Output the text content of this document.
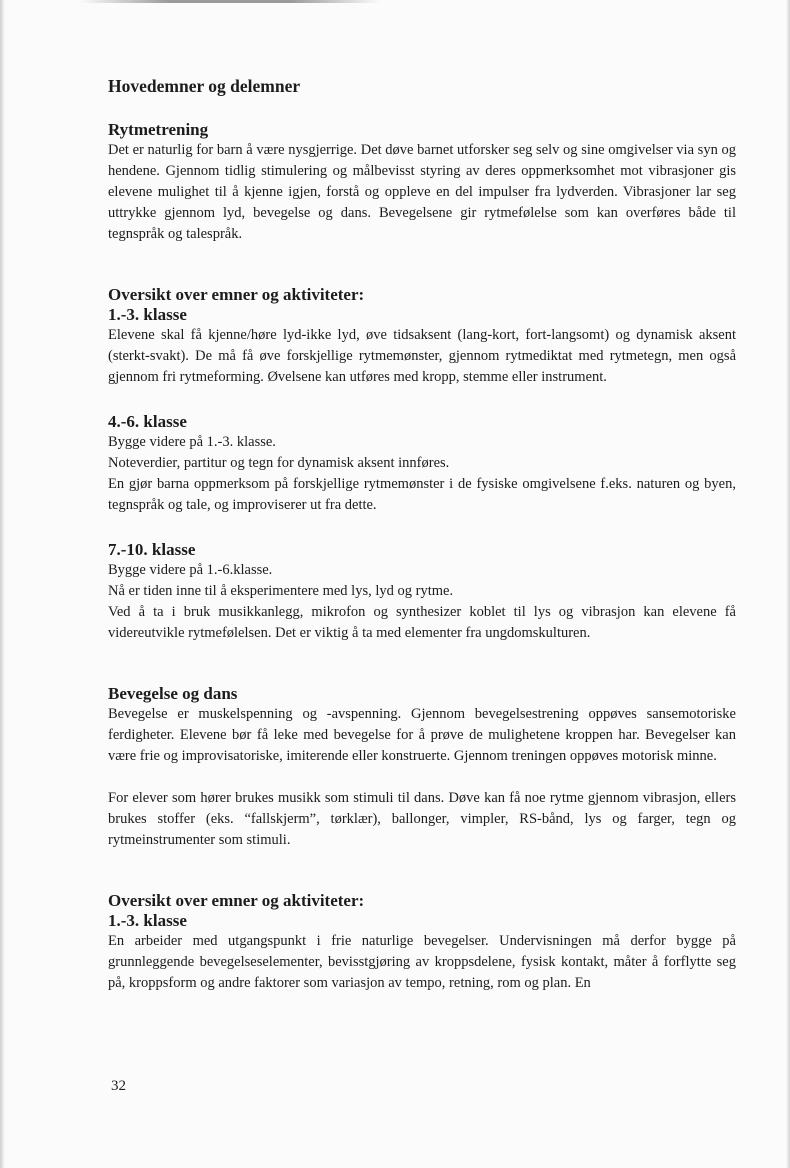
Hovedemner og delemner
Rytmetrening

Det er naturlig for barn å være nysgjerrige. Det døve barnet utforsker seg selv og sine omgivelser via syn og hendene. Gjennom tidlig stimulering og målbevisst styring av deres oppmerksomhet mot vibrasjoner gis elevene mulighet til å kjenne igjen, forstå og oppleve en del impulser fra lydverden. Vibrasjoner lar seg uttrykke gjennom lyd, bevegelse og dans. Bevegelsene gir rytmefølelse som kan overføres både til tegnspråk og talespråk.

Oversikt over emner og aktiviteter:
1.-3. klasse

Elevene skal få kjenne/høre lyd-ikke lyd, øve tidsaksent (lang-kort, fort-langsomt) og dynamisk aksent (sterkt-svakt). De må få øve forskjellige rytmemønster, gjennom rytmediktat med rytmetegn, men også gjennom fri rytmeforming. Øvelsene kan utføres med kropp, stemme eller instrument.

4.-6. klasse

Bygge videre på 1.-3. klasse.

Noteverdier, partitur og tegn for dynamisk aksent innføres.

En gjør barna oppmerksom på forskjellige rytmemønster i de fysiske omgivelsene f.eks. naturen og byen, tegnspråk og tale, og improviserer ut fra dette.

7.-10. klasse

Bygge videre på 1.-6.klasse.

Nå er tiden inne til å eksperimentere med lys, lyd og rytme.

Ved å ta i bruk musikkanlegg, mikrofon og synthesizer koblet til lys og vibrasjon kan elevene få videreutvikle rytmefølelsen. Det er viktig å ta med elementer fra ungdomskulturen.

Bevegelse og dans

Bevegelse er muskelspenning og -avspenning. Gjennom bevegelsestrening oppøves sansemotoriske ferdigheter. Elevene bør få leke med bevegelse for å prøve de mulighetene kroppen har. Bevegelser kan være frie og improvisatoriske, imiterende eller konstruerte. Gjennom treningen oppøves motorisk minne.

For elever som hører brukes musikk som stimuli til dans. Døve kan få noe rytme gjennom vibrasjon, ellers brukes stoffer (eks. “fallskjerm”, tørklær), ballonger, vimpler, RS-bånd, lys og farger, tegn og rytmeinstrumenter som stimuli.

Oversikt over emner og aktiviteter:
1.-3. klasse

En arbeider med utgangspunkt i frie naturlige bevegelser. Undervisningen må derfor bygge på grunnleggende bevegelseselementer, bevisstgjøring av kroppsdelene, fysisk kontakt, måter å forflytte seg på, kroppsform og andre faktorer som variasjon av tempo, retning, rom og plan. En

32
